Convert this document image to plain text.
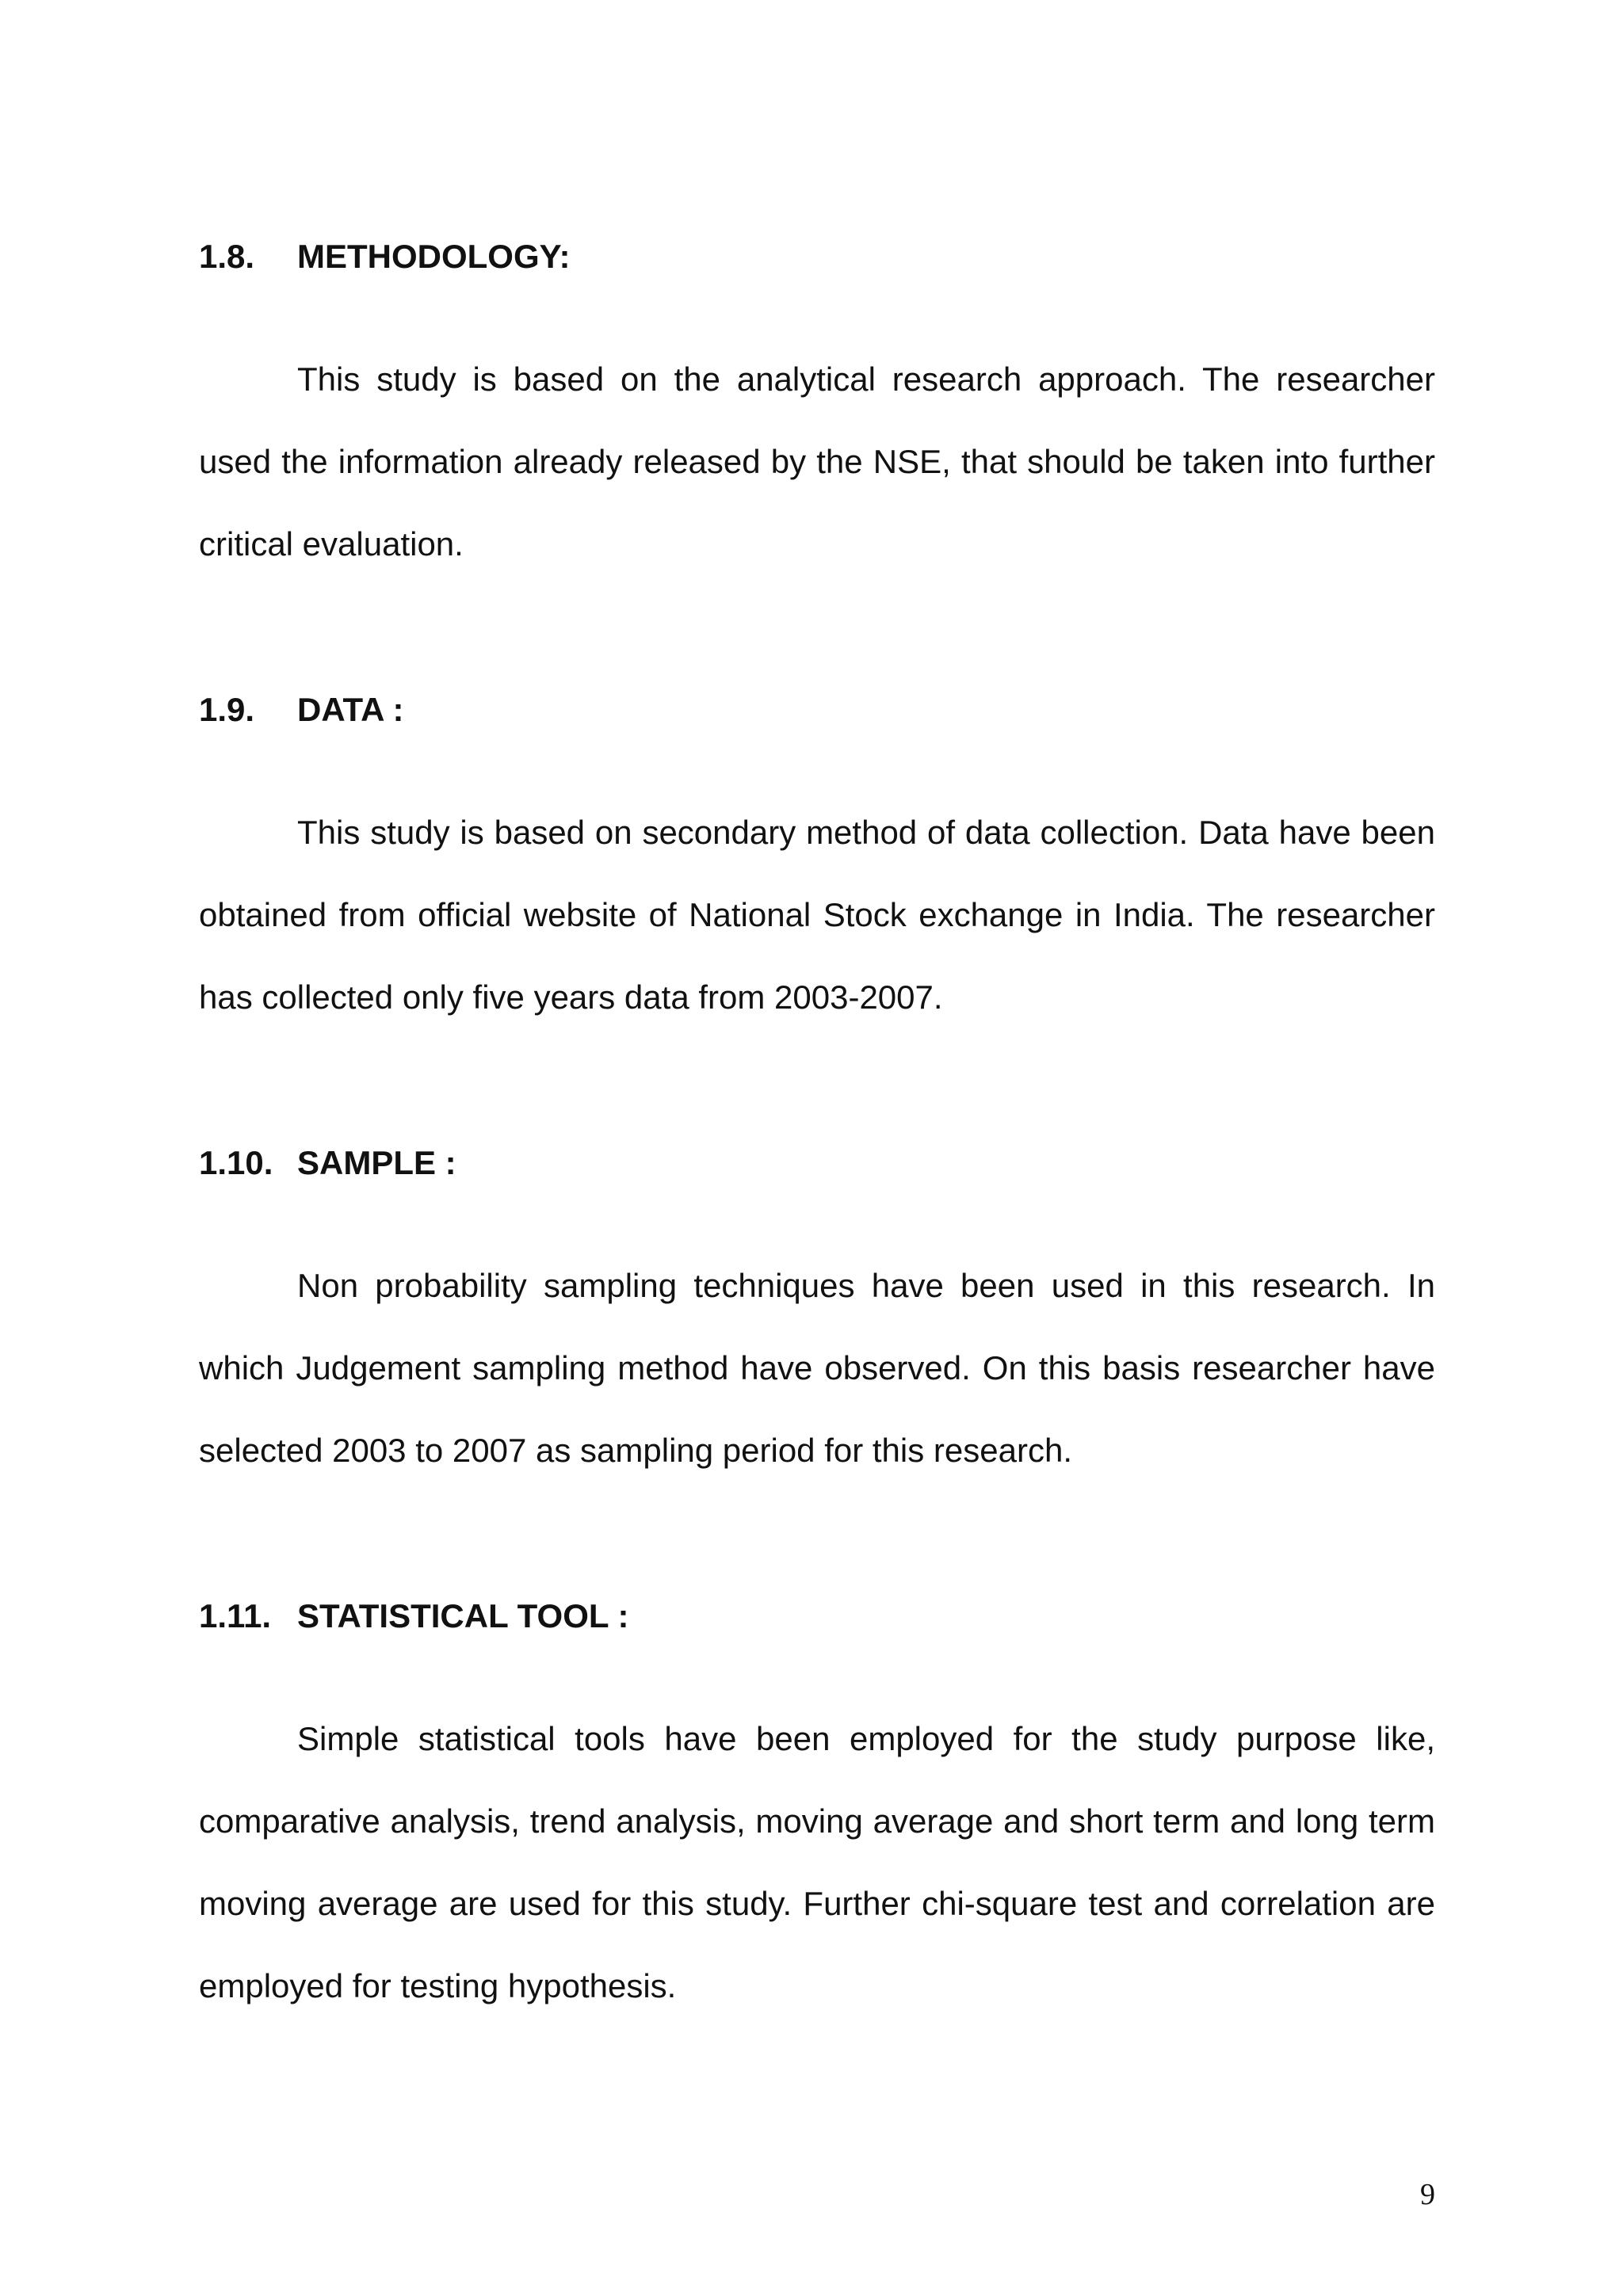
1.8. METHODOLOGY:

This study is based on the analytical research approach. The researcher used the information already released by the NSE, that should be taken into further critical evaluation.

1.9. DATA :

This study is based on secondary method of data collection. Data have been obtained from official website of National Stock exchange in India. The researcher has collected only five years data from 2003-2007.

1.10. SAMPLE :

Non probability sampling techniques have been used in this research. In which Judgement sampling method have observed. On this basis researcher have selected 2003 to 2007 as sampling period for this research.

1.11. STATISTICAL TOOL :

Simple statistical tools have been employed for the study purpose like, comparative analysis, trend analysis, moving average and short term and long term moving average are used for this study. Further chi-square test and correlation are employed for testing hypothesis.

9
